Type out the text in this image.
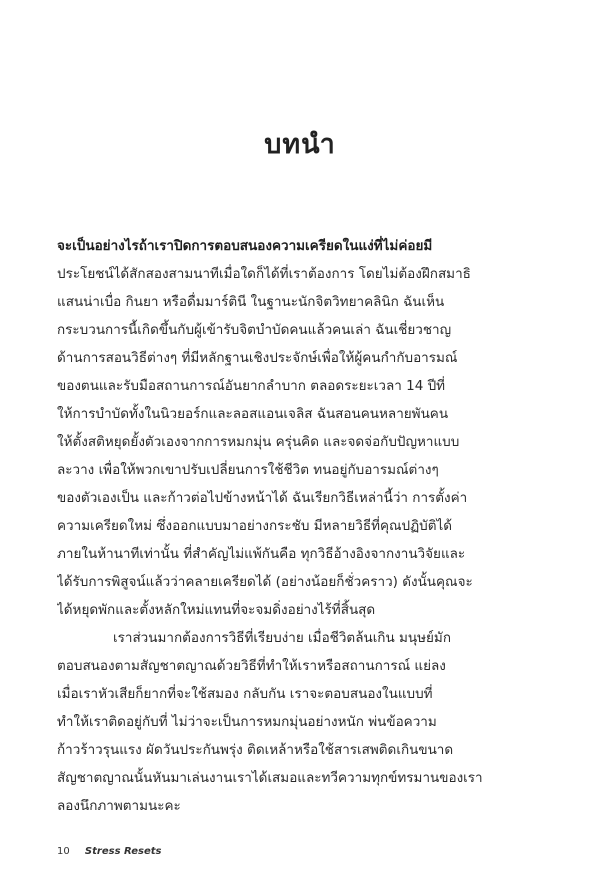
บทนำ
จะเป็นอย่างไรถ้าเราปิดการตอบสนองความเครียดในแง่ที่ไม่ค่อยมี
ประโยชน์ได้สักสองสามนาทีเมื่อใดก็ได้ที่เราต้องการ โดยไม่ต้องฝึกสมาธิ
แสนน่าเบื่อ กินยา หรือดื่มมาร์ตินี ในฐานะนักจิตวิทยาคลินิก ฉันเห็น
กระบวนการนี้เกิดขึ้นกับผู้เข้ารับจิตบำบัดคนแล้วคนเล่า ฉันเชี่ยวชาญ
ด้านการสอนวิธีต่างๆ ที่มีหลักฐานเชิงประจักษ์เพื่อให้ผู้คนกำกับอารมณ์
ของตนและรับมือสถานการณ์อันยากลำบาก ตลอดระยะเวลา 14 ปีที่
ให้การบำบัดทั้งในนิวยอร์กและลอสแอนเจลิส ฉันสอนคนหลายพันคน
ให้ตั้งสติหยุดยั้งตัวเองจากการหมกมุ่น ครุ่นคิด และจดจ่อกับปัญหาแบบ
ละวาง เพื่อให้พวกเขาปรับเปลี่ยนการใช้ชีวิต ทนอยู่กับอารมณ์ต่างๆ
ของตัวเองเป็น และก้าวต่อไปข้างหน้าได้ ฉันเรียกวิธีเหล่านี้ว่า การตั้งค่า
ความเครียดใหม่ ซึ่งออกแบบมาอย่างกระชับ มีหลายวิธีที่คุณปฏิบัติได้
ภายในห้านาทีเท่านั้น ที่สำคัญไม่แพ้กันคือ ทุกวิธีอ้างอิงจากงานวิจัยและ
ได้รับการพิสูจน์แล้วว่าคลายเครียดได้ (อย่างน้อยก็ชั่วคราว) ดังนั้นคุณจะ
ได้หยุดพักและตั้งหลักใหม่แทนที่จะจมดิ่งอย่างไร้ที่สิ้นสุด
เราส่วนมากต้องการวิธีที่เรียบง่าย เมื่อชีวิตล้นเกิน มนุษย์มัก
ตอบสนองตามสัญชาตญาณด้วยวิธีที่ทำให้เราหรือสถานการณ์ แย่ลง
เมื่อเราหัวเสียก็ยากที่จะใช้สมอง กลับกัน เราจะตอบสนองในแบบที่
ทำให้เราติดอยู่กับที่ ไม่ว่าจะเป็นการหมกมุ่นอย่างหนัก พ่นข้อความ
ก้าวร้าวรุนแรง ผัดวันประกันพรุ่ง ติดเหล้าหรือใช้สารเสพติดเกินขนาด
สัญชาตญาณนั้นหันมาเล่นงานเราได้เสมอและทวีความทุกข์ทรมานของเรา
ลองนึกภาพตามนะคะ
10 Stress Resets
